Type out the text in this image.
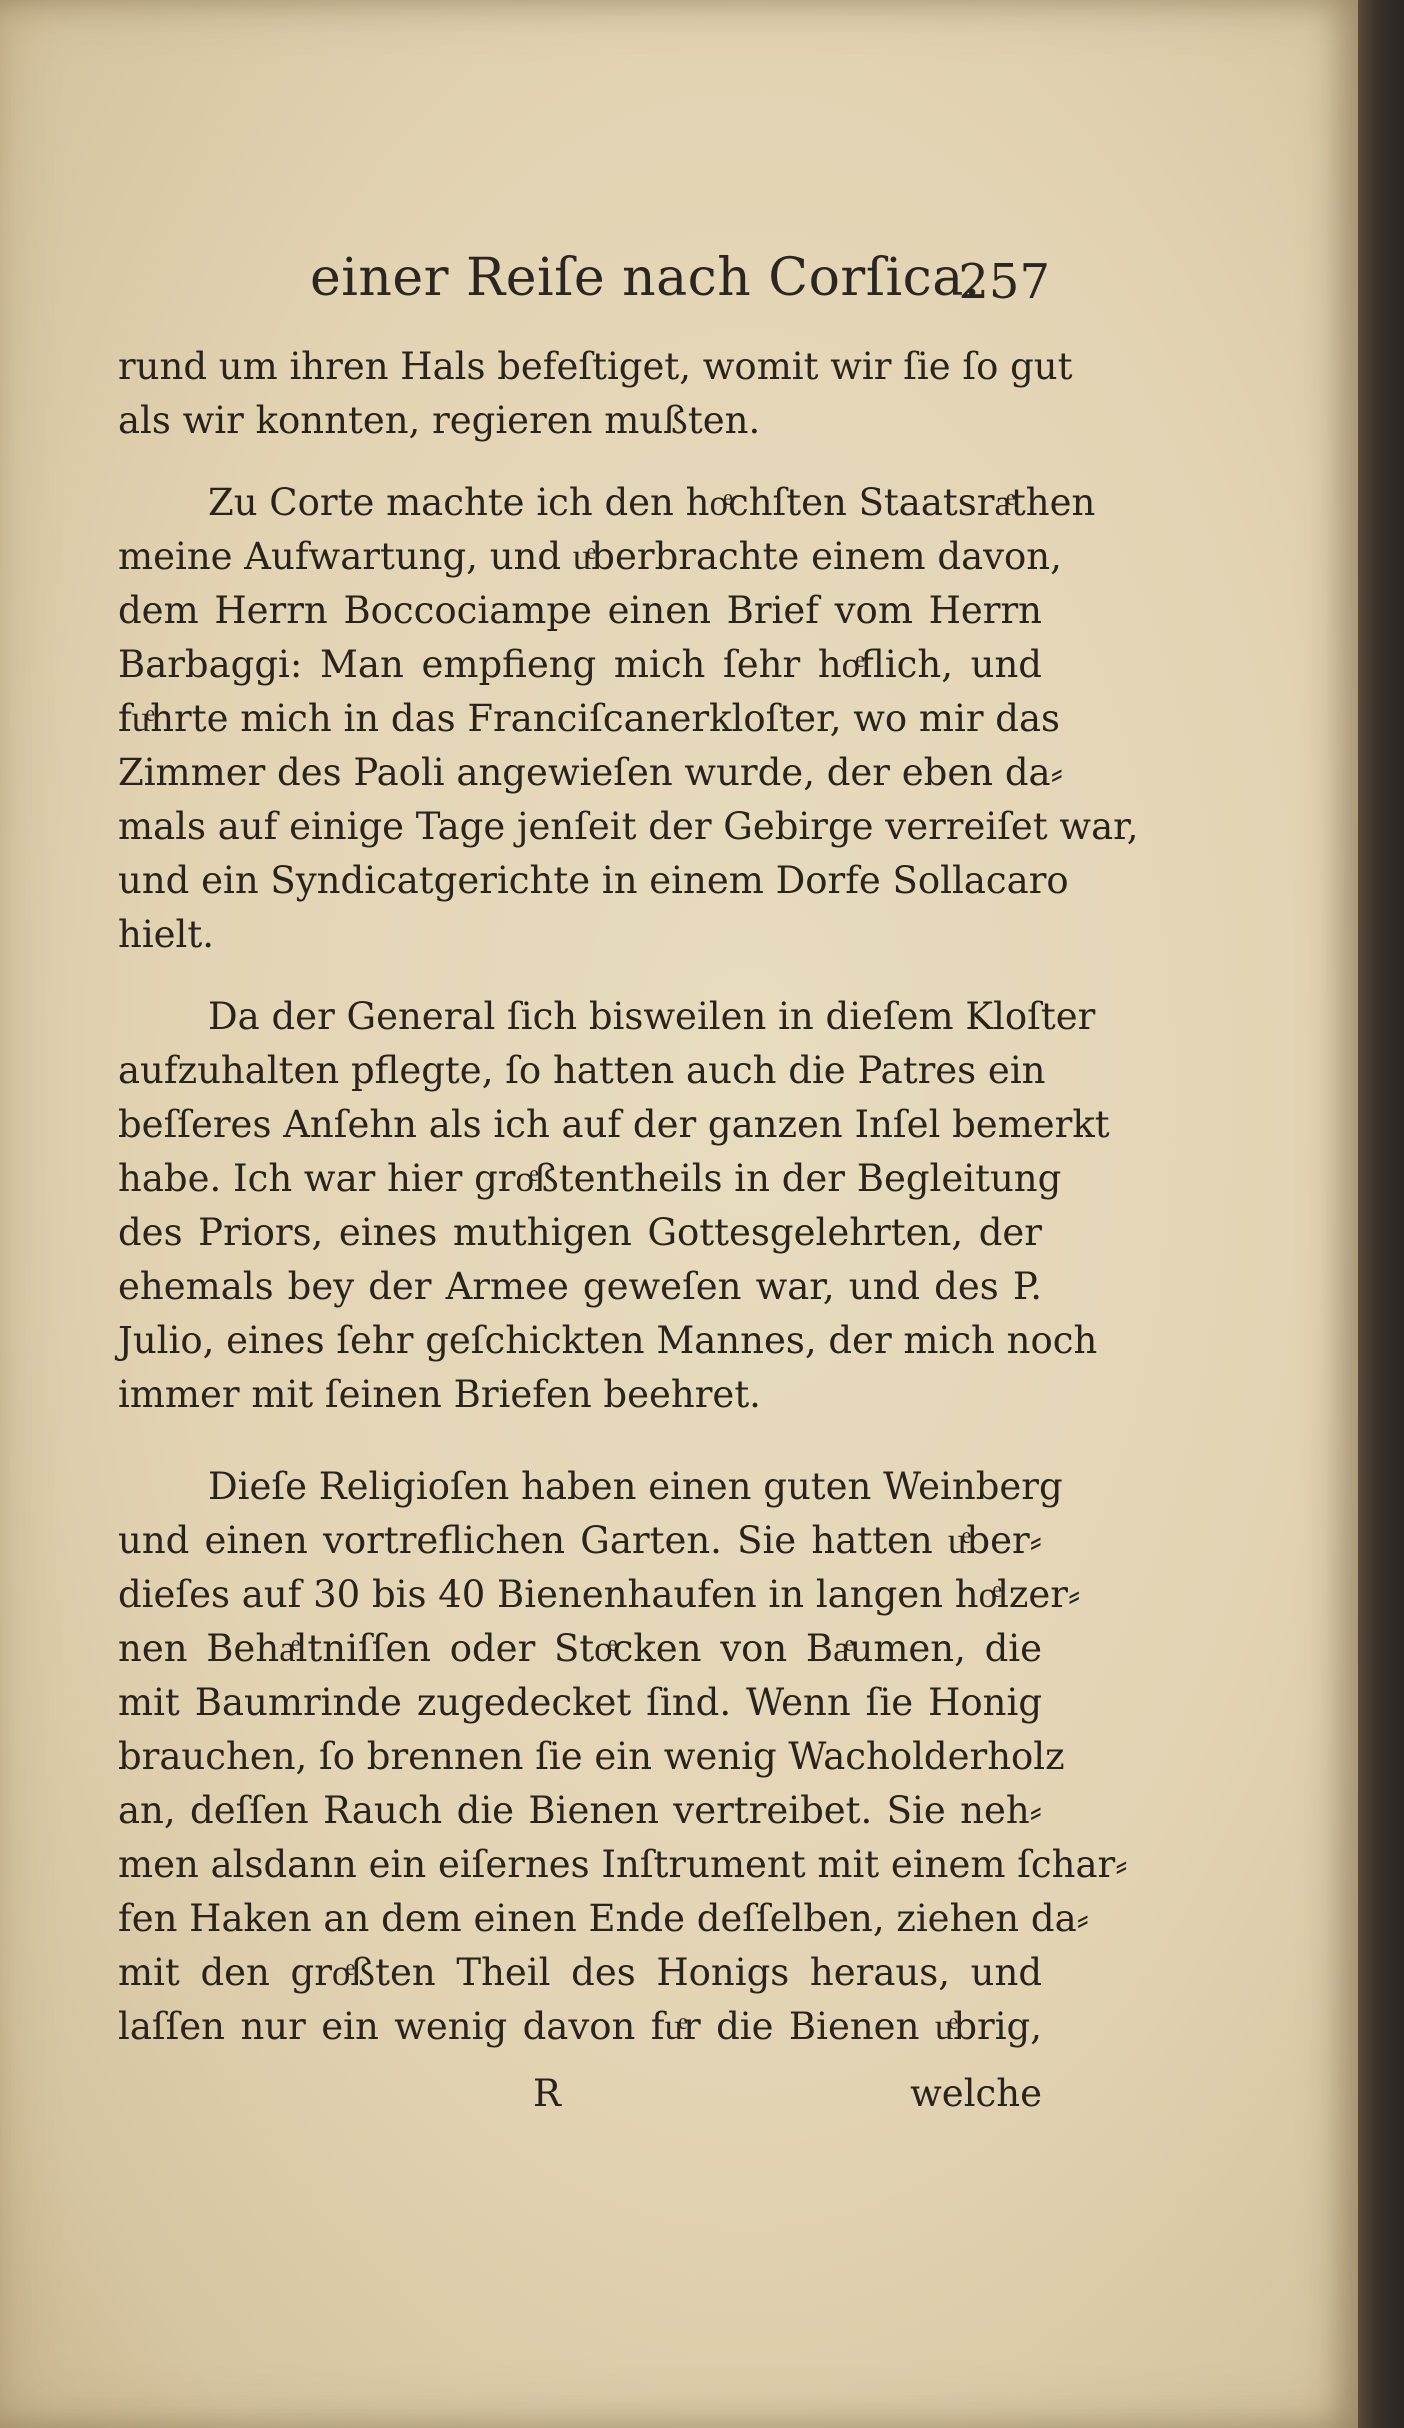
einer Reiſe nach Corſica.
257
rund um ihren Hals befeſtiget, womit wir ſie ſo gut
als wir konnten, regieren mußten.
Zu Corte machte ich den hoͤchſten Staatsraͤthen
meine Aufwartung, und uͤberbrachte einem davon,
dem Herrn Boccociampe einen Brief vom Herrn
Barbaggi: Man empfieng mich ſehr hoͤflich, und
fuͤhrte mich in das Franciſcanerkloſter, wo mir das
Zimmer des Paoli angewieſen wurde, der eben da⸗
mals auf einige Tage jenſeit der Gebirge verreiſet war,
und ein Syndicatgerichte in einem Dorfe Sollacaro
hielt.
Da der General ſich bisweilen in dieſem Kloſter
aufzuhalten pflegte, ſo hatten auch die Patres ein
beſſeres Anſehn als ich auf der ganzen Inſel bemerkt
habe. Ich war hier groͤßtentheils in der Begleitung
des Priors, eines muthigen Gottesgelehrten, der
ehemals bey der Armee geweſen war, und des P.
Julio, eines ſehr geſchickten Mannes, der mich noch
immer mit ſeinen Briefen beehret.
Dieſe Religioſen haben einen guten Weinberg
und einen vortreflichen Garten. Sie hatten uͤber⸗
dieſes auf 30 bis 40 Bienenhaufen in langen hoͤlzer⸗
nen Behaͤltniſſen oder Stoͤcken von Baͤumen, die
mit Baumrinde zugedecket ſind. Wenn ſie Honig
brauchen, ſo brennen ſie ein wenig Wacholderholz
an, deſſen Rauch die Bienen vertreibet. Sie neh⸗
men alsdann ein eiſernes Inſtrument mit einem ſchar⸗
fen Haken an dem einen Ende deſſelben, ziehen da⸗
mit den groͤßten Theil des Honigs heraus, und
laſſen nur ein wenig davon fuͤr die Bienen uͤbrig,
R	welche
